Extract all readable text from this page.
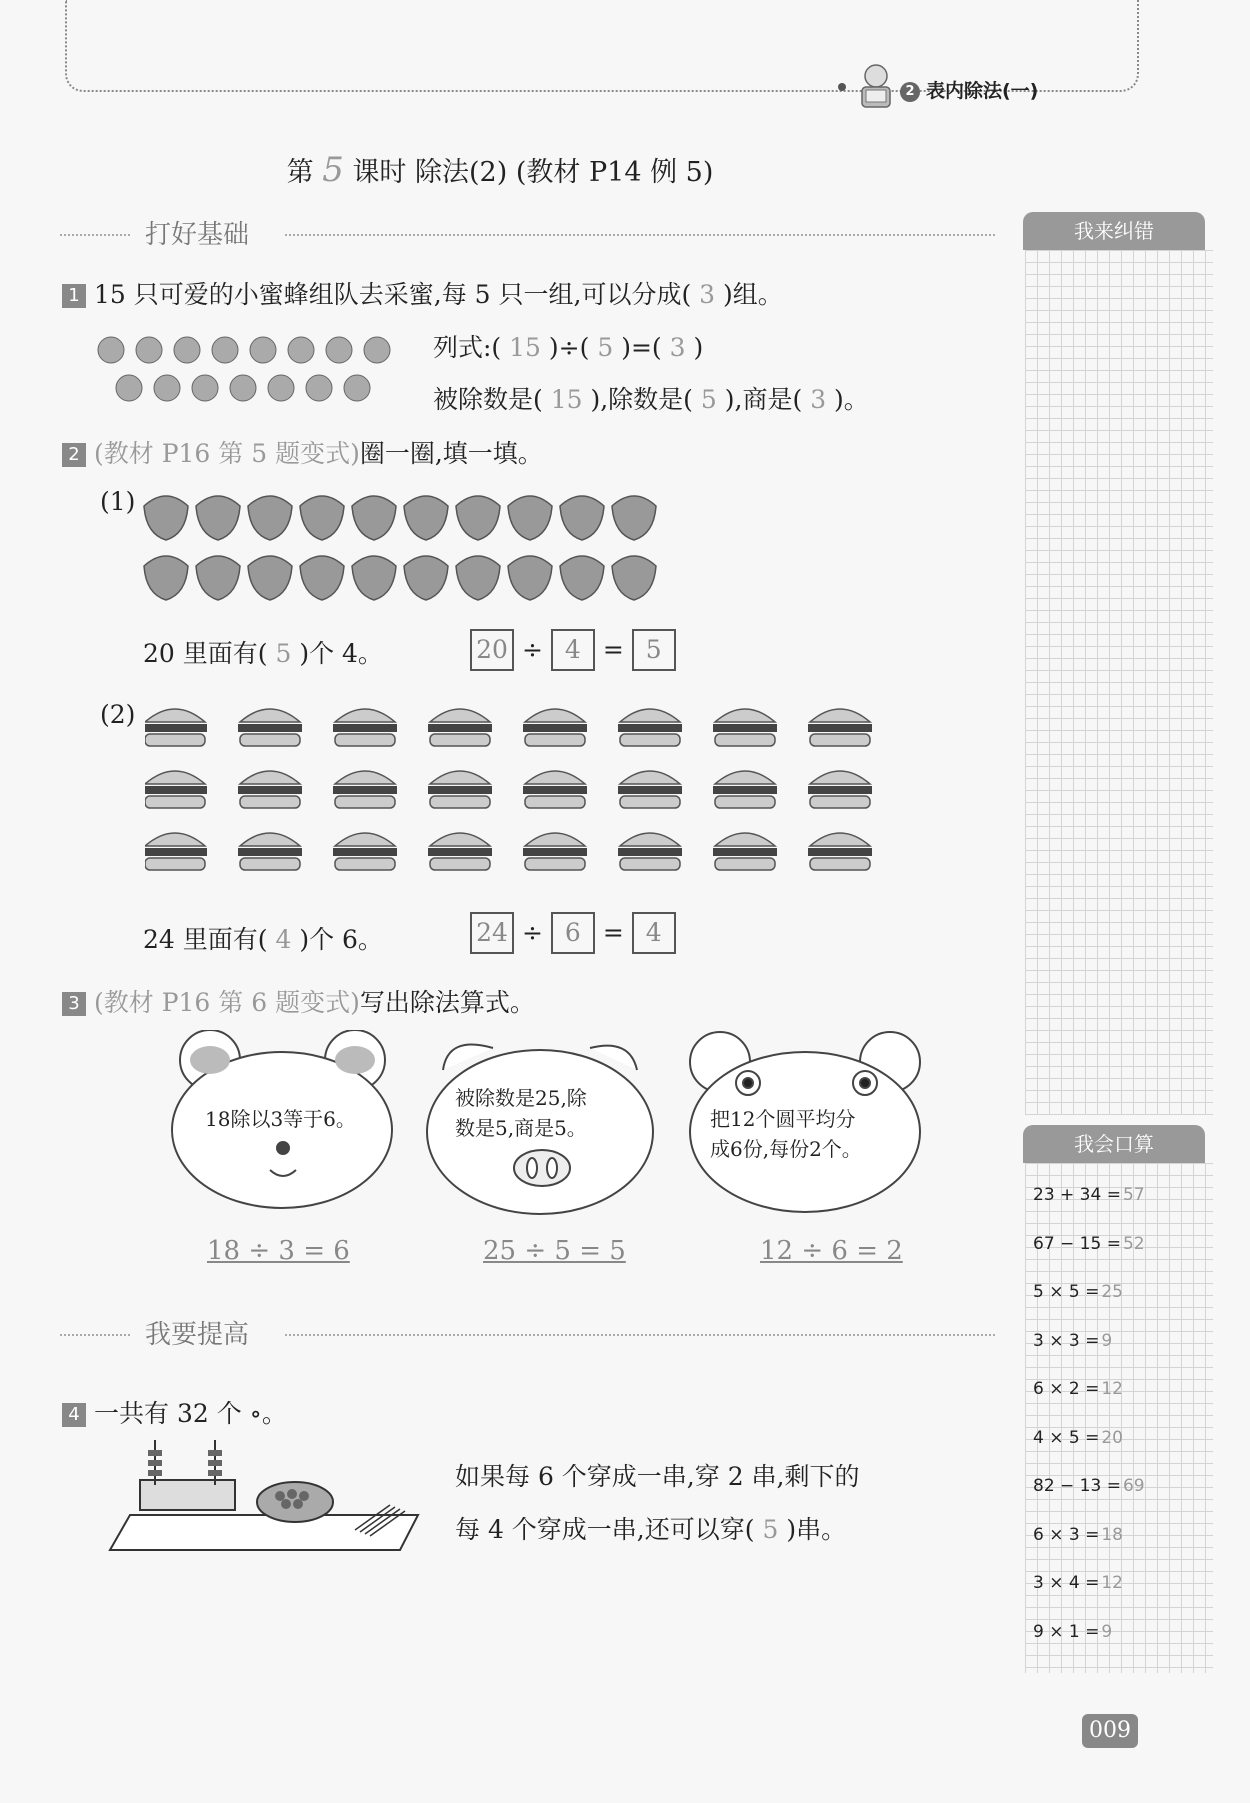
2 表内除法(一)
第 5 课时 除法(2) (教材 P14 例 5)
打好基础	我来纠错
我会口算
23 + 34 = 57
67 − 15 = 52
5 × 5 = 25
3 × 3 = 9
6 × 2 = 12
4 × 5 = 20
82 − 13 = 69
6 × 3 = 18
3 × 4 = 12
9 × 1 = 9
1 15 只可爱的小蜜蜂组队去采蜜,每 5 只一组,可以分成( 3 )组。
列式:( 15 )÷( 5 )=( 3 )
被除数是( 15 ),除数是( 5 ),商是( 3 )。
2 (教材 P16 第 5 题变式)圈一圈,填一填。
(1)
20 里面有( 5 )个 4。	20 ÷ 4 = 5
(2)
24 里面有( 4 )个 6。	24 ÷ 6 = 4
3 (教材 P16 第 6 题变式)写出除法算式。
18除以3等于6。
被除数是25,除
数是5,商是5。	把12个圆平均分
成6份,每份2个。
18 ÷ 3 = 6	25 ÷ 5 = 5	12 ÷ 6 = 2
我要提高
4 一共有 32 个 ∘。
如果每 6 个穿成一串,穿 2 串,剩下的
每 4 个穿成一串,还可以穿( 5 )串。
009
